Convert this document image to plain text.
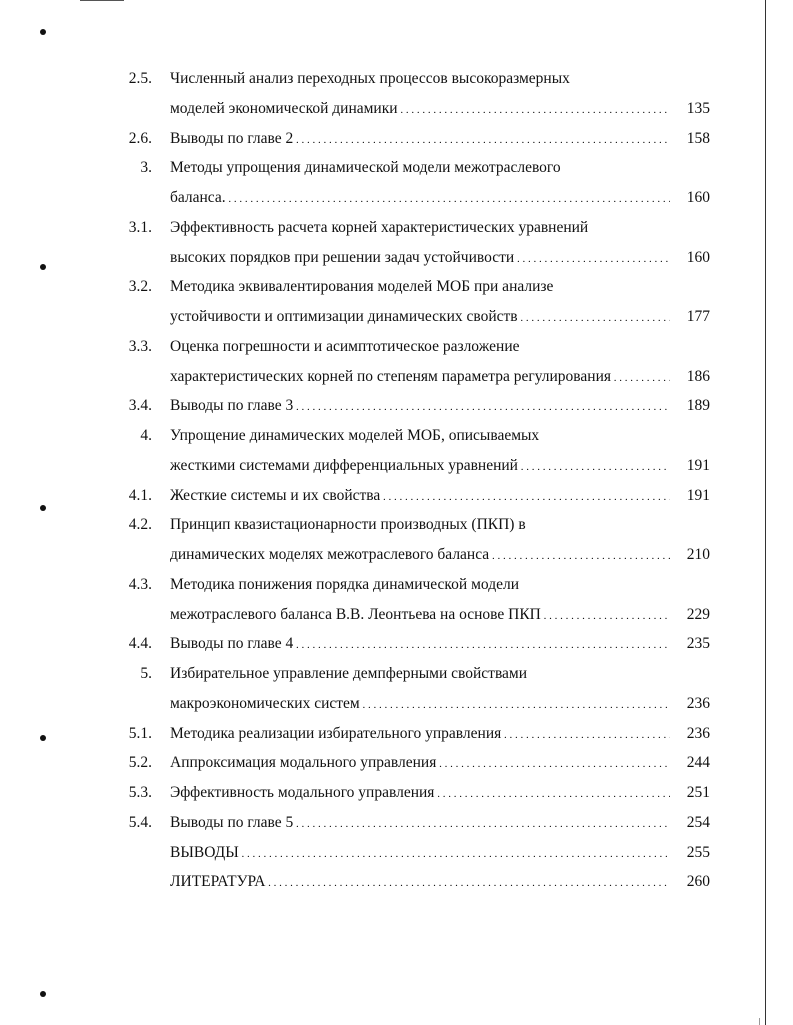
2.5. Численный анализ переходных процессов высокоразмерных
моделей экономической динамики . . .	135
2.6. Выводы по главе 2 . . .	158
3. Методы упрощения динамической модели межотраслевого
баланса. . . .	160
3.1. Эффективность расчета корней характеристических уравнений
высоких порядков при решении задач устойчивости . . .	160
3.2. Методика эквивалентирования моделей МОБ при анализе
устойчивости и оптимизации динамических свойств . . .	177
3.3. Оценка погрешности и асимптотическое разложение
характеристических корней по степеням параметра регулирования . . .	186
3.4. Выводы по главе 3 . . .	189
4. Упрощение динамических моделей МОБ, описываемых
жесткими системами дифференциальных уравнений . . .	191
4.1. Жесткие системы и их свойства . . .	191
4.2. Принцип квазистационарности производных (ПКП) в
динамических моделях межотраслевого баланса . . .	210
4.3. Методика понижения порядка динамической модели
межотраслевого баланса В.В. Леонтьева на основе ПКП . . .	229
4.4. Выводы по главе 4 . . .	235
5. Избирательное управление демпферными свойствами
макроэкономических систем . . .	236
5.1. Методика реализации избирательного управления . . .	236
5.2. Аппроксимация модального управления . . .	244
5.3. Эффективность модального управления . . .	251
5.4. Выводы по главе 5 . . .	254
ВЫВОДЫ . . .	255
ЛИТЕРАТУРА . . .	260
